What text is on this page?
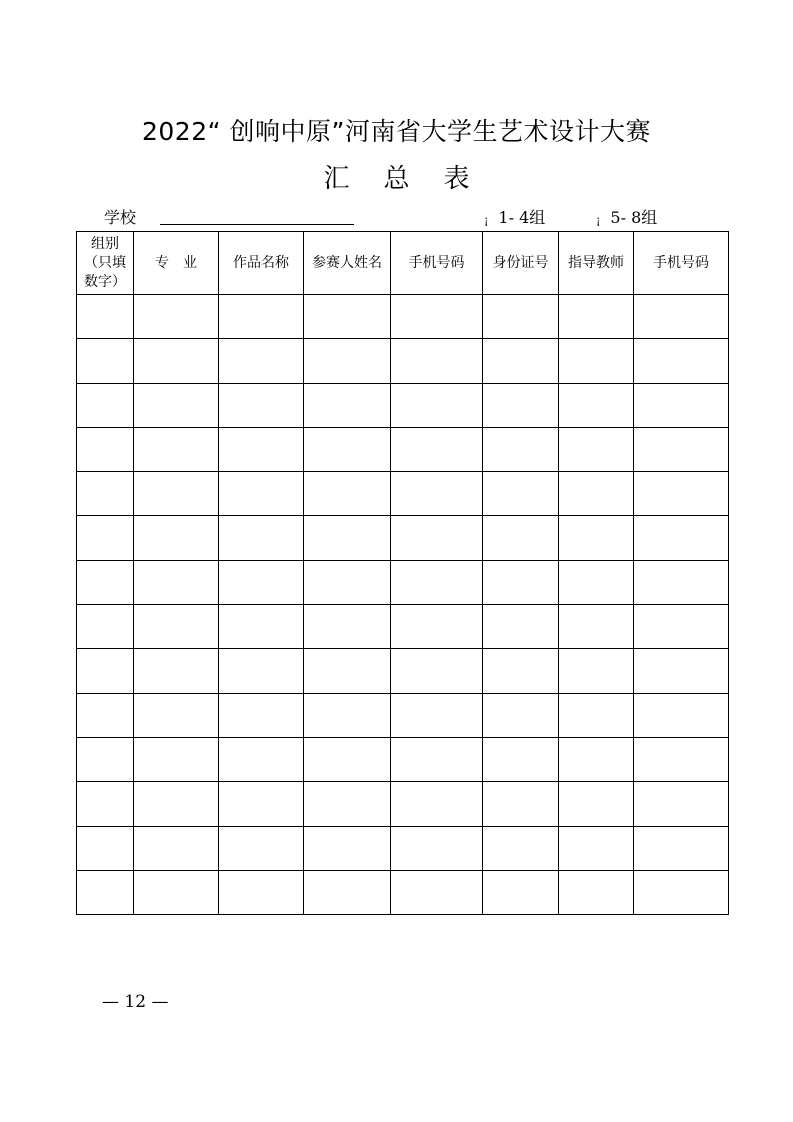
2022“ 创响中原”河南省大学生艺术设计大赛
汇总表
学校	¡ 1- 4组	¡ 5- 8组
组别
（只填
数字）	专　业	作品名称	参赛人姓名	手机号码	身份证号	指导教师	手机号码

— 12 —
